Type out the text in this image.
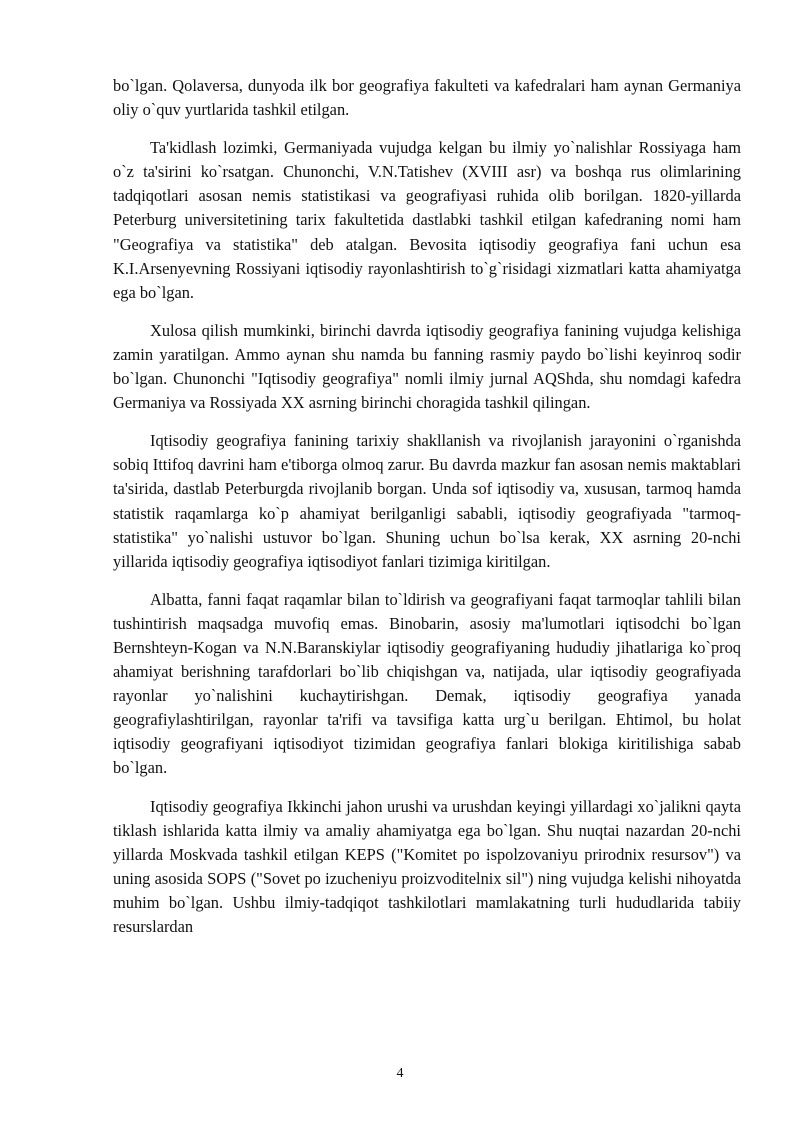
bo`lgan. Qolaversa, dunyoda ilk bor geografiya fakulteti va kafedralari ham aynan Germaniya oliy o`quv yurtlarida tashkil etilgan.

Ta'kidlash lozimki, Germaniyada vujudga kelgan bu ilmiy yo`nalishlar Rossiyaga ham o`z ta'sirini ko`rsatgan. Chunonchi, V.N.Tatishev (XVIII asr) va boshqa rus olimlarining tadqiqotlari asosan nemis statistikasi va geografiyasi ruhida olib borilgan. 1820-yillarda Peterburg universitetining tarix fakultetida dastlabki tashkil etilgan kafedraning nomi ham "Geografiya va statistika" deb atalgan. Bevosita iqtisodiy geografiya fani uchun esa K.I.Arsenyevning Rossiyani iqtisodiy rayonlashtirish to`g`risidagi xizmatlari katta ahamiyatga ega bo`lgan.

Xulosa qilish mumkinki, birinchi davrda iqtisodiy geografiya fanining vujudga kelishiga zamin yaratilgan. Ammo aynan shu namda bu fanning rasmiy paydo bo`lishi keyinroq sodir bo`lgan. Chunonchi "Iqtisodiy geografiya" nomli ilmiy jurnal AQShda, shu nomdagi kafedra Germaniya va Rossiyada XX asrning birinchi choragida tashkil qilingan.

Iqtisodiy geografiya fanining tarixiy shakllanish va rivojlanish jarayonini o`rganishda sobiq Ittifoq davrini ham e'tiborga olmoq zarur. Bu davrda mazkur fan asosan nemis maktablari ta'sirida, dastlab Peterburgda rivojlanib borgan. Unda sof iqtisodiy va, xususan, tarmoq hamda statistik raqamlarga ko`p ahamiyat berilganligi sababli, iqtisodiy geografiyada "tarmoq-statistika" yo`nalishi ustuvor bo`lgan. Shuning uchun bo`lsa kerak, XX asrning 20-nchi yillarida iqtisodiy geografiya iqtisodiyot fanlari tizimiga kiritilgan.

Albatta, fanni faqat raqamlar bilan to`ldirish va geografiyani faqat tarmoqlar tahlili bilan tushintirish maqsadga muvofiq emas. Binobarin, asosiy ma'lumotlari iqtisodchi bo`lgan Bernshteyn-Kogan va N.N.Baranskiylar iqtisodiy geografiyaning hududiy jihatlariga ko`proq ahamiyat berishning tarafdorlari bo`lib chiqishgan va, natijada, ular iqtisodiy geografiyada rayonlar yo`nalishini kuchaytirishgan. Demak, iqtisodiy geografiya yanada geografiylashtirilgan, rayonlar ta'rifi va tavsifiga katta urg`u berilgan. Ehtimol, bu holat iqtisodiy geografiyani iqtisodiyot tizimidan geografiya fanlari blokiga kiritilishiga sabab bo`lgan.

Iqtisodiy geografiya Ikkinchi jahon urushi va urushdan keyingi yillardagi xo`jalikni qayta tiklash ishlarida katta ilmiy va amaliy ahamiyatga ega bo`lgan. Shu nuqtai nazardan 20-nchi yillarda Moskvada tashkil etilgan KEPS ("Komitet po ispolzovaniyu prirodnix resursov") va uning asosida SOPS ("Sovet po izucheniyu proizvoditelnix sil") ning vujudga kelishi nihoyatda muhim bo`lgan. Ushbu ilmiy-tadqiqot tashkilotlari mamlakatning turli hududlarida tabiiy resurslardan

4
